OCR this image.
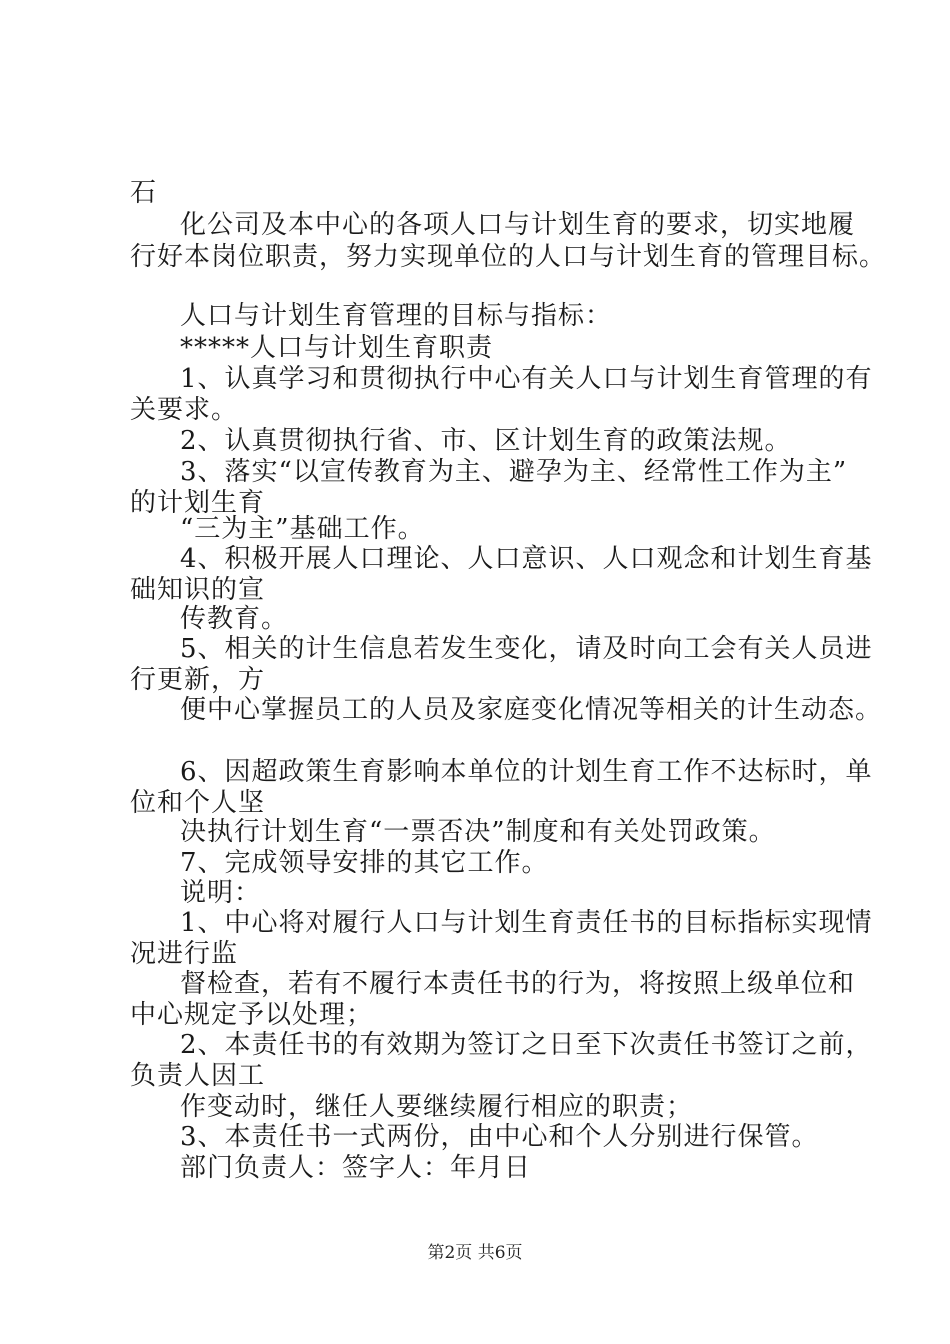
石
化公司及本中心的各项人口与计划生育的要求，切实地履
行好本岗位职责，努力实现单位的人口与计划生育的管理目标。
人口与计划生育管理的目标与指标：
*****人口与计划生育职责
1、认真学习和贯彻执行中心有关人口与计划生育管理的有
关要求。
2、认真贯彻执行省、市、区计划生育的政策法规。
3、落实“以宣传教育为主、避孕为主、经常性工作为主”
的计划生育
“三为主”基础工作。
4、积极开展人口理论、人口意识、人口观念和计划生育基
础知识的宣
传教育。
5、相关的计生信息若发生变化，请及时向工会有关人员进
行更新，方
便中心掌握员工的人员及家庭变化情况等相关的计生动态。
6、因超政策生育影响本单位的计划生育工作不达标时，单
位和个人坚
决执行计划生育“一票否决”制度和有关处罚政策。
7、完成领导安排的其它工作。
说明：
1、中心将对履行人口与计划生育责任书的目标指标实现情
况进行监
督检查，若有不履行本责任书的行为，将按照上级单位和
中心规定予以处理；
2、本责任书的有效期为签订之日至下次责任书签订之前，
负责人因工
作变动时，继任人要继续履行相应的职责；
3、本责任书一式两份，由中心和个人分别进行保管。
部门负责人：签字人：年月日
第2页 共6页
